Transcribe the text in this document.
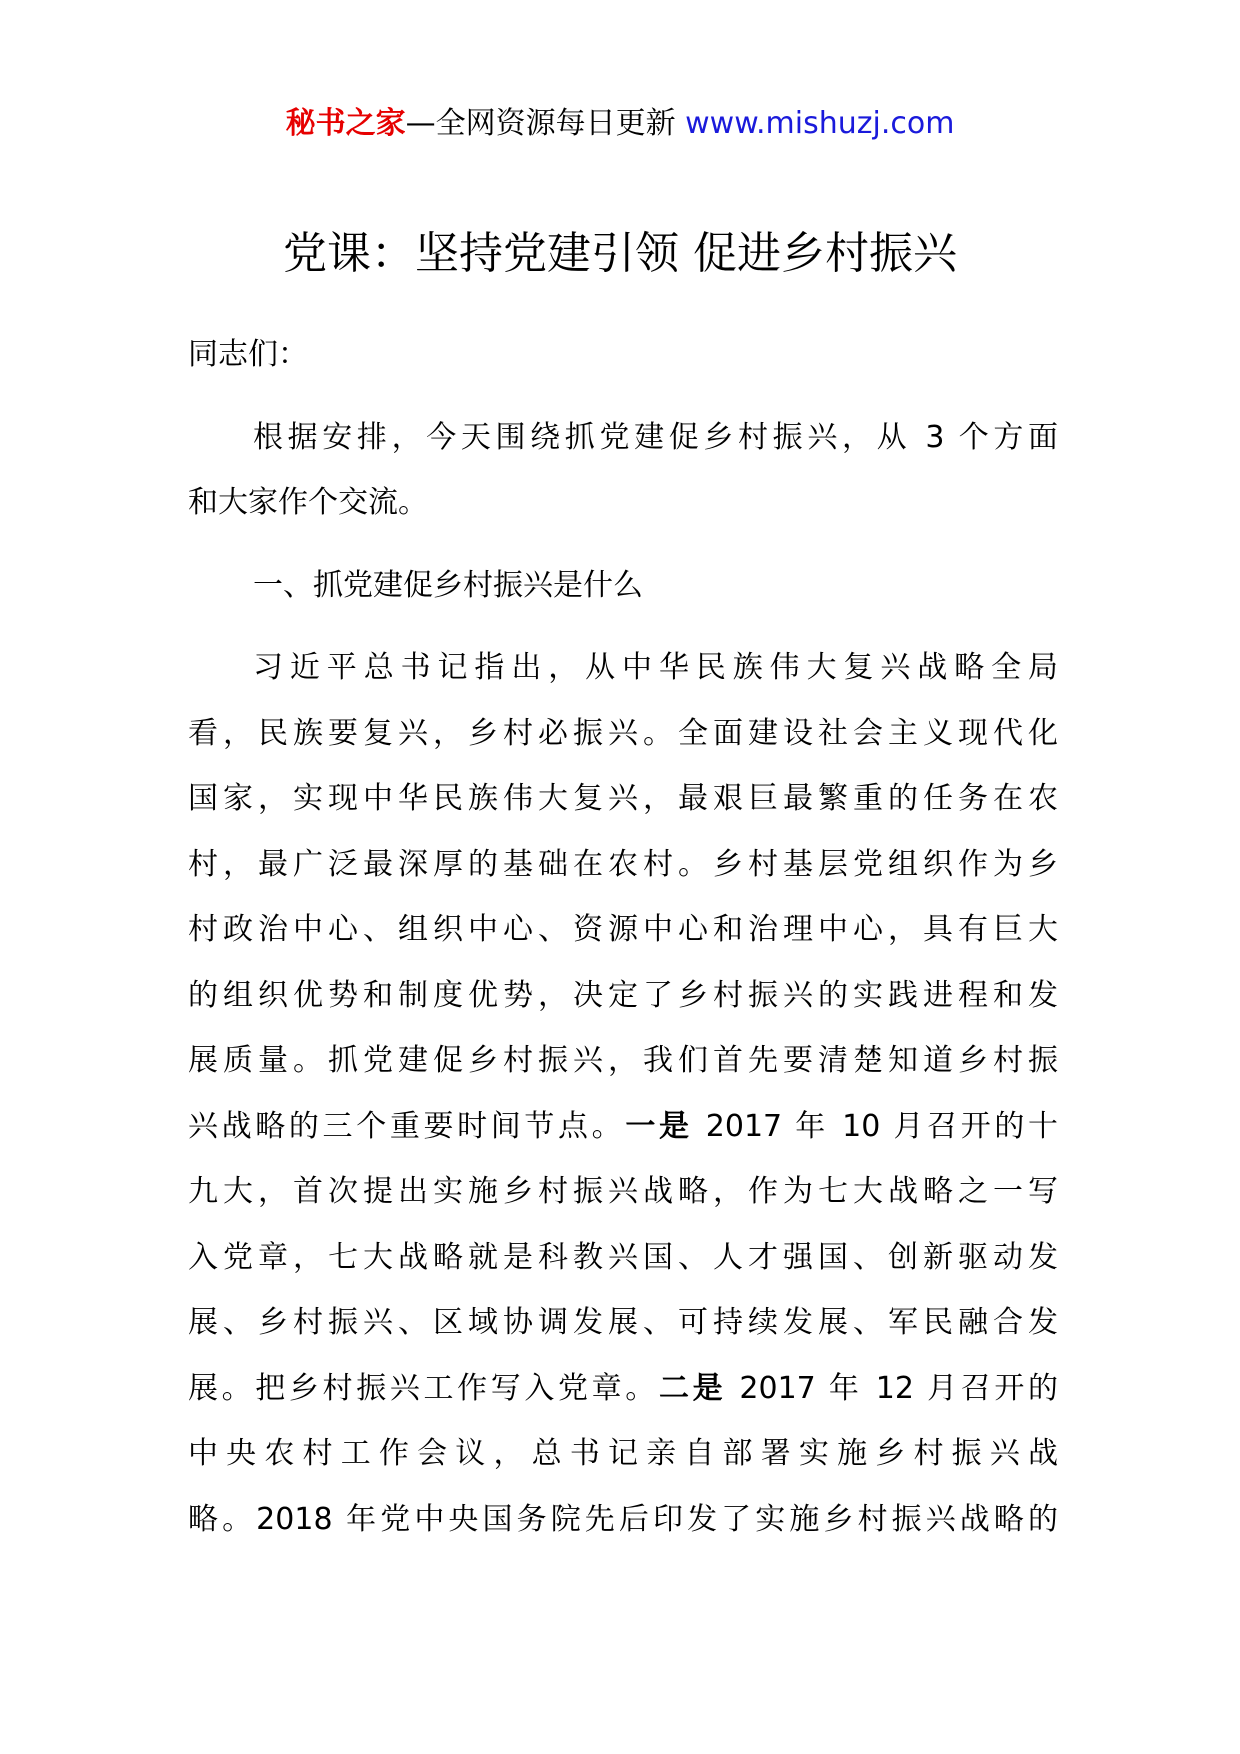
秘书之家—全网资源每日更新 www.mishuzj.com
党课：坚持党建引领 促进乡村振兴

同志们：

根据安排，今天围绕抓党建促乡村振兴，从 3 个方面
和大家作个交流。

一、抓党建促乡村振兴是什么

习近平总书记指出，从中华民族伟大复兴战略全局
看，民族要复兴，乡村必振兴。全面建设社会主义现代化
国家，实现中华民族伟大复兴，最艰巨最繁重的任务在农
村，最广泛最深厚的基础在农村。乡村基层党组织作为乡
村政治中心、组织中心、资源中心和治理中心，具有巨大
的组织优势和制度优势，决定了乡村振兴的实践进程和发
展质量。抓党建促乡村振兴，我们首先要清楚知道乡村振
兴战略的三个重要时间节点。一是 2017 年 10 月召开的十
九大，首次提出实施乡村振兴战略，作为七大战略之一写
入党章，七大战略就是科教兴国、人才强国、创新驱动发
展、乡村振兴、区域协调发展、可持续发展、军民融合发
展。把乡村振兴工作写入党章。二是 2017 年 12 月召开的
中央农村工作会议，总书记亲自部署实施乡村振兴战
略。2018 年党中央国务院先后印发了实施乡村振兴战略的
